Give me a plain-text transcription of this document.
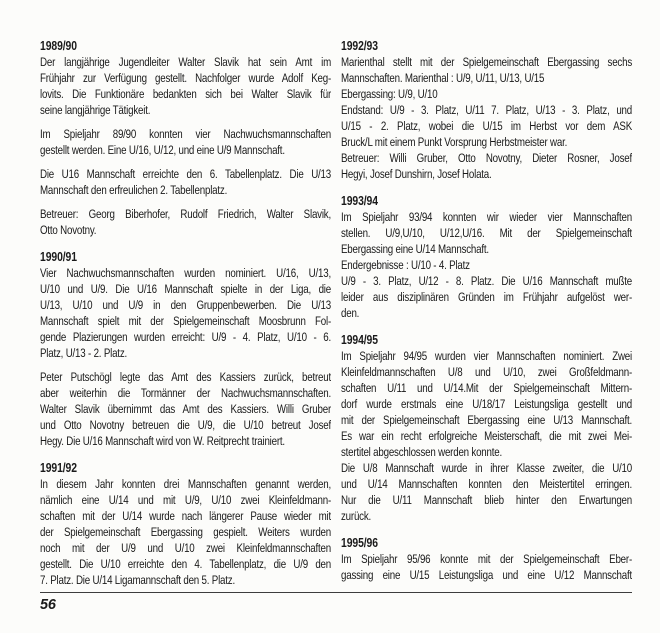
1989/90
Der langjährige Jugendleiter Walter Slavik hat sein Amt im
Frühjahr zur Verfügung gestellt. Nachfolger wurde Adolf Keg-
lovits. Die Funktionäre bedankten sich bei Walter Slavik für
seine langjährige Tätigkeit.
Im Spieljahr 89/90 konnten vier Nachwuchsmannschaften
gestellt werden. Eine U/16, U/12, und eine U/9 Mannschaft.
Die U16 Mannschaft erreichte den 6. Tabellenplatz. Die U/13
Mannschaft den erfreulichen 2. Tabellenplatz.
Betreuer: Georg Biberhofer, Rudolf Friedrich, Walter Slavik,
Otto Novotny.
1990/91
Vier Nachwuchsmannschaften wurden nominiert. U/16, U/13,
U/10 und U/9. Die U/16 Mannschaft spielte in der Liga, die
U/13, U/10 und U/9 in den Gruppenbewerben. Die U/13
Mannschaft spielt mit der Spielgemeinschaft Moosbrunn Fol-
gende Plazierungen wurden erreicht: U/9 - 4. Platz, U/10 - 6.
Platz, U/13 - 2. Platz.
Peter Putschögl legte das Amt des Kassiers zurück, betreut
aber weiterhin die Tormänner der Nachwuchsmannschaften.
Walter Slavik übernimmt das Amt des Kassiers. Willi Gruber
und Otto Novotny betreuen die U/9, die U/10 betreut Josef
Hegy. Die U/16 Mannschaft wird von W. Reitprecht trainiert.
1991/92
In diesem Jahr konnten drei Mannschaften genannt werden,
nämlich eine U/14 und mit U/9, U/10 zwei Kleinfeldmann-
schaften mit der U/14 wurde nach längerer Pause wieder mit
der Spielgemeinschaft Ebergassing gespielt. Weiters wurden
noch mit der U/9 und U/10 zwei Kleinfeldmannschaften
gestellt. Die U/10 erreichte den 4. Tabellenplatz, die U/9 den
7. Platz. Die U/14 Ligamannschaft den 5. Platz.
1992/93
Marienthal stellt mit der Spielgemeinschaft Ebergassing sechs
Mannschaften. Marienthal : U/9, U/11, U/13, U/15
Ebergassing: U/9, U/10
Endstand: U/9 - 3. Platz, U/11 7. Platz, U/13 - 3. Platz, und
U/15 - 2. Platz, wobei die U/15 im Herbst vor dem ASK
Bruck/L mit einem Punkt Vorsprung Herbstmeister war.
Betreuer: Willi Gruber, Otto Novotny, Dieter Rosner, Josef
Hegyi, Josef Dunshirn, Josef Holata.
1993/94
Im Spieljahr 93/94 konnten wir wieder vier Mannschaften
stellen. U/9,U/10, U/12,U/16. Mit der Spielgemeinschaft
Ebergassing eine U/14 Mannschaft.
Endergebnisse : U/10 - 4. Platz
U/9 - 3. Platz, U/12 - 8. Platz. Die U/16 Mannschaft mußte
leider aus disziplinären Gründen im Frühjahr aufgelöst wer-
den.
1994/95
Im Spieljahr 94/95 wurden vier Mannschaften nominiert. Zwei
Kleinfeldmannschaften U/8 und U/10, zwei Großfeldmann-
schaften U/11 und U/14.Mit der Spielgemeinschaft Mittern-
dorf wurde erstmals eine U/18/17 Leistungsliga gestellt und
mit der Spielgemeinschaft Ebergassing eine U/13 Mannschaft.
Es war ein recht erfolgreiche Meisterschaft, die mit zwei Mei-
stertitel abgeschlossen werden konnte.
Die U/8 Mannschaft wurde in ihrer Klasse zweiter, die U/10
und U/14 Mannschaften konnten den Meistertitel erringen.
Nur die U/11 Mannschaft blieb hinter den Erwartungen
zurück.
1995/96
Im Spieljahr 95/96 konnte mit der Spielgemeinschaft Eber-
gassing eine U/15 Leistungsliga und eine U/12 Mannschaft
56
